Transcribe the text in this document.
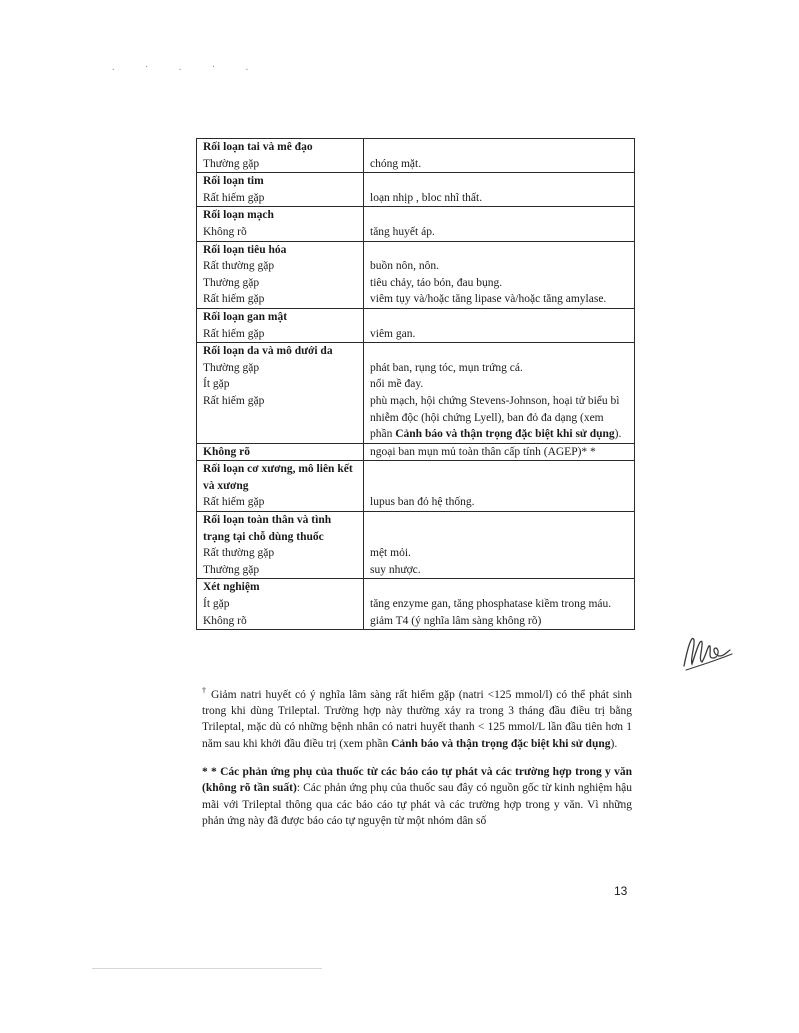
. · . · .
Rối loạn tai và mê đạo	
Thường gặp	chóng mặt.
Rối loạn tim	
Rất hiếm gặp	loạn nhịp , bloc nhĩ thất.
Rối loạn mạch	
Không rõ	tăng huyết áp.
Rối loạn tiêu hóa	
Rất thường gặp	buồn nôn, nôn.
Thường gặp	tiêu chảy, táo bón, đau bụng.
Rất hiếm gặp	viêm tụy và/hoặc tăng lipase và/hoặc tăng amylase.
Rối loạn gan mật	
Rất hiếm gặp	viêm gan.
Rối loạn da và mô dưới da	
Thường gặp	phát ban, rụng tóc, mụn trứng cá.
Ít gặp	nổi mề đay.
Rất hiếm gặp	phù mạch, hội chứng Stevens-Johnson, hoại tử biểu bì nhiễm độc (hội chứng Lyell), ban đỏ đa dạng (xem phần Cảnh báo và thận trọng đặc biệt khi sử dụng).
Không rõ	ngoại ban mụn mủ toàn thân cấp tính (AGEP)* *
Rối loạn cơ xương, mô liên kết và xương	
Rất hiếm gặp	lupus ban đỏ hệ thống.
Rối loạn toàn thân và tình trạng tại chỗ dùng thuốc	
Rất thường gặp	mệt mỏi.
Thường gặp	suy nhược.
Xét nghiệm	
Ít gặp	tăng enzyme gan, tăng phosphatase kiềm trong máu.
Không rõ	giảm T4 (ý nghĩa lâm sàng không rõ)

† Giảm natri huyết có ý nghĩa lâm sàng rất hiếm gặp (natri <125 mmol/l) có thể phát sinh trong khi dùng Trileptal. Trường hợp này thường xảy ra trong 3 tháng đầu điều trị bằng Trileptal, mặc dù có những bệnh nhân có natri huyết thanh < 125 mmol/L lần đầu tiên hơn 1 năm sau khi khởi đầu điều trị (xem phần Cảnh báo và thận trọng đặc biệt khi sử dụng).

* * Các phản ứng phụ của thuốc từ các báo cáo tự phát và các trường hợp trong y văn (không rõ tần suất): Các phản ứng phụ của thuốc sau đây có nguồn gốc từ kinh nghiệm hậu mãi với Trileptal thông qua các báo cáo tự phát và các trường hợp trong y văn. Vì những phản ứng này đã được báo cáo tự nguyện từ một nhóm dân số

13
